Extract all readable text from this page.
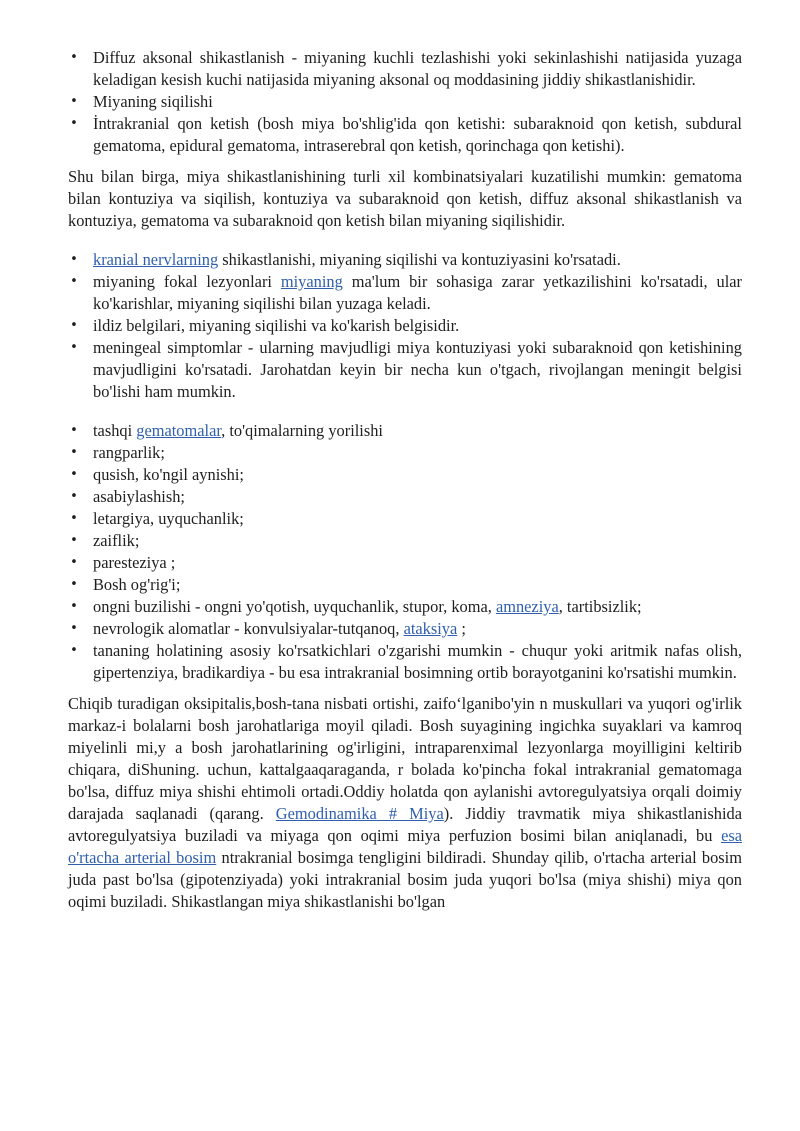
• Diffuz aksonal shikastlanish - miyaning kuchli tezlashishi yoki sekinlashishi natijasida yuzaga keladigan kesish kuchi natijasida miyaning aksonal oq moddasining jiddiy shikastlanishidir.
• Miyaning siqilishi
• İntrakranial qon ketish (bosh miya bo'shlig'ida qon ketishi: subaraknoid qon ketish, subdural gematoma, epidural gematoma, intraserebral qon ketish, qorinchaga qon ketishi).

Shu bilan birga, miya shikastlanishining turli xil kombinatsiyalari kuzatilishi mumkin: gematoma bilan kontuziya va siqilish, kontuziya va subaraknoid qon ketish, diffuz aksonal shikastlanish va kontuziya, gematoma va subaraknoid qon ketish bilan miyaning siqilishidir.

• kranial nervlarning shikastlanishi, miyaning siqilishi va kontuziyasini ko'rsatadi.
• miyaning fokal lezyonlari miyaning ma'lum bir sohasiga zarar yetkazilishini ko'rsatadi, ular ko'karishlar, miyaning siqilishi bilan yuzaga keladi.
• ildiz belgilari, miyaning siqilishi va ko'karish belgisidir.
• meningeal simptomlar - ularning mavjudligi miya kontuziyasi yoki subaraknoid qon ketishining mavjudligini ko'rsatadi. Jarohatdan keyin bir necha kun o'tgach, rivojlangan meningit belgisi bo'lishi ham mumkin.
• tashqi gematomalar, to'qimalarning yorilishi
• rangparlik;
• qusish, ko'ngil aynishi;
• asabiylashish;
• letargiya, uyquchanlik;
• zaiflik;
• paresteziya ;
• Bosh og'rig'i;
• ongni buzilishi - ongni yo'qotish, uyquchanlik, stupor, koma, amneziya, tartibsizlik;
• nevrologik alomatlar - konvulsiyalar-tutqanoq, ataksiya ;
• tananing holatining asosiy ko'rsatkichlari o'zgarishi mumkin - chuqur yoki aritmik nafas olish, gipertenziya, bradikardiya - bu esa intrakranial bosimning ortib borayotganini ko'rsatishi mumkin.

Chiqib turadigan oksipitalis,bosh-tana nisbati ortishi, zaifo‘lganibo'yin n muskullari va yuqori og'irlik markaz-i bolalarni bosh jarohatlariga moyil qiladi. Bosh suyagining ingichka suyaklari va kamroq miyelinli mi,y a bosh jarohatlarining og'irligini, intraparenximal lezyonlarga moyilligini keltirib chiqara, diShuning. uchun, kattalgaaqaraganda, r bolada ko'pincha fokal intrakranial gematomaga bo'lsa, diffuz miya shishi ehtimoli ortadi.Oddiy holatda qon aylanishi avtoregulyatsiya orqali doimiy darajada saqlanadi (qarang. Gemodinamika # Miya). Jiddiy travmatik miya shikastlanishida avtoregulyatsiya buziladi va miyaga qon oqimi miya perfuzion bosimi bilan aniqlanadi, bu esa o'rtacha arterial bosim ntrakranial bosimga tengligini bildiradi. Shunday qilib, o'rtacha arterial bosim juda past bo'lsa (gipotenziyada) yoki intrakranial bosim juda yuqori bo'lsa (miya shishi) miya qon oqimi buziladi. Shikastlangan miya shikastlanishi bo'lgan
